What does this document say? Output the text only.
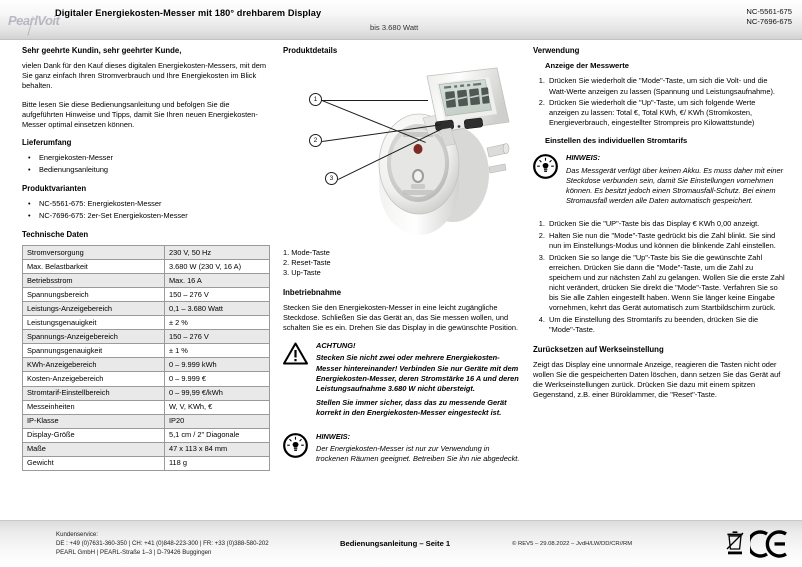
PearlVoit
Digitaler Energiekosten-Messer mit 180° drehbarem Display
bis 3.680 Watt
NC-5561-675
NC-7696-675
Sehr geehrte Kundin, sehr geehrter Kunde,

vielen Dank für den Kauf dieses digitalen Energiekosten-Messers, mit dem Sie ganz einfach Ihren Stromverbrauch und Ihre Energiekosten im Blick behalten.

Bitte lesen Sie diese Bedienungsanleitung und befolgen Sie die aufgeführten Hinweise und Tipps, damit Sie Ihren neuen Energiekosten-Messer optimal einsetzen können.

Lieferumfang
• Energiekosten-Messer
• Bedienungsanleitung
Produktvarianten
• NC-5561-675: Energiekosten-Messer
• NC-7696-675: 2er-Set Energiekosten-Messer
Technische Daten
Stromversorgung	230 V, 50 Hz
Max. Belastbarkeit	3.680 W (230 V, 16 A)
Betriebsstrom	Max. 16 A
Spannungsbereich	150 – 276 V
Leistungs-Anzeigebereich	0,1 – 3.680 Watt
Leistungsgenauigkeit	± 2 %
Spannungs-Anzeigebereich	150 – 276 V
Spannungsgenauigkeit	± 1 %
KWh-Anzeigebereich	0 – 9.999 kWh
Kosten-Anzeigebereich	0 – 9.999 €
Stromtarif-Einstellbereich	0 – 99,99 €/kWh
Messeinheiten	W, V, KWh, €
IP-Klasse	IP20
Display-Größe	5,1 cm / 2" Diagonale
Maße	47 x 113 x 84 mm
Gewicht	118 g
Produktdetails
1
2
3

1. Mode-Taste

2. Reset-Taste

3. Up-Taste

Inbetriebnahme

Stecken Sie den Energiekosten-Messer in eine leicht zugängliche Steckdose. Schließen Sie das Gerät an, das Sie messen wollen, und schalten Sie es ein. Drehen Sie das Display in die gewünschte Position.

ACHTUNG!

Stecken Sie nicht zwei oder mehrere Energiekosten-Messer hintereinander! Verbinden Sie nur Geräte mit dem Energiekosten-Messer, deren Stromstärke 16 A und deren Leistungsaufnahme 3.680 W nicht übersteigt.

Stellen Sie immer sicher, dass das zu messende Gerät korrekt in den Energiekosten-Messer eingesteckt ist.

HINWEIS:

Der Energiekosten-Messer ist nur zur Verwendung in trockenen Räumen geeignet. Betreiben Sie ihn nie abgedeckt.

Verwendung
Anzeige der Messwerte
1. Drücken Sie wiederholt die "Mode"-Taste, um sich die Volt- und die Watt-Werte anzeigen zu lassen (Spannung und Leistungsaufnahme).
2. Drücken Sie wiederholt die "Up"-Taste, um sich folgende Werte anzeigen zu lassen: Total €, Total KWh, €/ KWh (Stromkosten, Energieverbrauch, eingestellter Strompreis pro Kilowattstunde)
Einstellen des individuellen Stromtarifs
HINWEIS:

Das Messgerät verfügt über keinen Akku. Es muss daher mit einer Steckdose verbunden sein, damit Sie Einstellungen vornehmen können. Es besitzt jedoch einen Stromausfall-Schutz. Bei einem Stromausfall werden alle Daten automatisch gespeichert.

1. Drücken Sie die "UP"-Taste bis das Display € KWh 0,00 anzeigt.
2. Halten Sie nun die "Mode"-Taste gedrückt bis die Zahl blinkt. Sie sind nun im Einstellungs-Modus und können die blinkende Zahl einstellen.
3. Drücken Sie so lange die "Up"-Taste bis Sie die gewünschte Zahl erreichen. Drücken Sie dann die "Mode"-Taste, um die Zahl zu speichern und zur nächsten Zahl zu gelangen. Wollen Sie die erste Zahl nicht verändert, drücken Sie direkt die "Mode"-Taste. Verfahren Sie so bis Sie alle Zahlen eingestellt haben. Wenn Sie länger keine Eingabe vornehmen, kehrt das Gerät automatisch zum Startbildschirm zurück.
4. Um die Einstellung des Stromtarifs zu beenden, drücken Sie die "Mode"-Taste.
Zurücksetzen auf Werkseinstellung

Zeigt das Display eine unnormale Anzeige, reagieren die Tasten nicht oder wollen Sie die gespeicherten Daten löschen, dann setzen Sie das Gerät auf die Werkseinstellungen zurück. Drücken Sie dazu mit einem spitzen Gegenstand, z.B. einer Büroklammer, die "Reset"-Taste.

Kundenservice:
DE : +49 (0)7631-360-350 | CH: +41 (0)848-223-300 | FR: +33 (0)388-580-202
PEARL GmbH | PEARL-Straße 1–3 | D-79426 Buggingen
Bedienungsanleitung – Seite 1	© REV5 – 29.08.2022 – JvdH/LW/DD/CR//RM
